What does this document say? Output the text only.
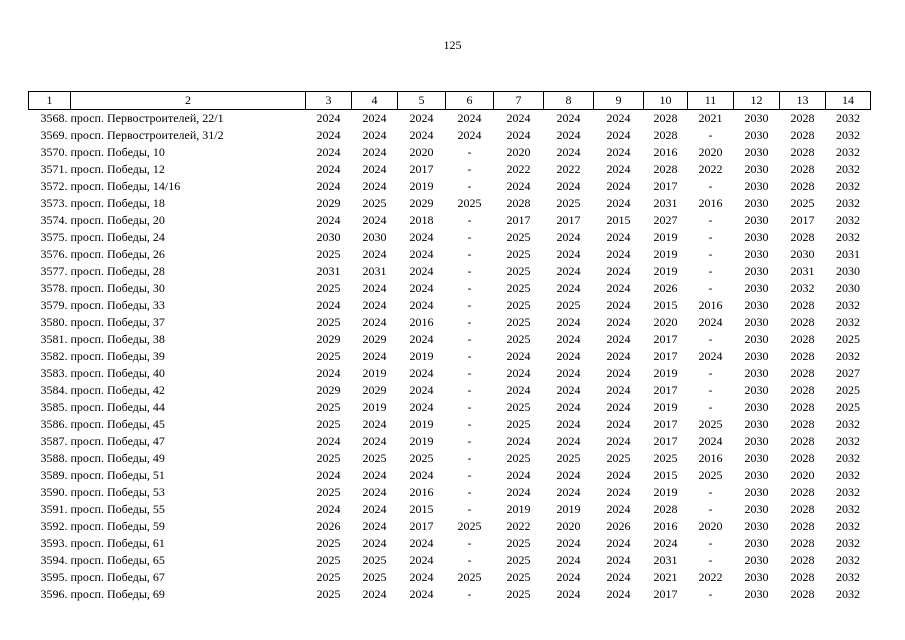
125
1	2	3	4	5	6	7	8	9	10	11	12	13	14
3568.	просп. Первостроителей, 22/1	2024	2024	2024	2024	2024	2024	2024	2028	2021	2030	2028	2032
3569.	просп. Первостроителей, 31/2	2024	2024	2024	2024	2024	2024	2024	2028	-	2030	2028	2032
3570.	просп. Победы, 10	2024	2024	2020	-	2020	2024	2024	2016	2020	2030	2028	2032
3571.	просп. Победы, 12	2024	2024	2017	-	2022	2022	2024	2028	2022	2030	2028	2032
3572.	просп. Победы, 14/16	2024	2024	2019	-	2024	2024	2024	2017	-	2030	2028	2032
3573.	просп. Победы, 18	2029	2025	2029	2025	2028	2025	2024	2031	2016	2030	2025	2032
3574.	просп. Победы, 20	2024	2024	2018	-	2017	2017	2015	2027	-	2030	2017	2032
3575.	просп. Победы, 24	2030	2030	2024	-	2025	2024	2024	2019	-	2030	2028	2032
3576.	просп. Победы, 26	2025	2024	2024	-	2025	2024	2024	2019	-	2030	2030	2031
3577.	просп. Победы, 28	2031	2031	2024	-	2025	2024	2024	2019	-	2030	2031	2030
3578.	просп. Победы, 30	2025	2024	2024	-	2025	2024	2024	2026	-	2030	2032	2030
3579.	просп. Победы, 33	2024	2024	2024	-	2025	2025	2024	2015	2016	2030	2028	2032
3580.	просп. Победы, 37	2025	2024	2016	-	2025	2024	2024	2020	2024	2030	2028	2032
3581.	просп. Победы, 38	2029	2029	2024	-	2025	2024	2024	2017	-	2030	2028	2025
3582.	просп. Победы, 39	2025	2024	2019	-	2024	2024	2024	2017	2024	2030	2028	2032
3583.	просп. Победы, 40	2024	2019	2024	-	2024	2024	2024	2019	-	2030	2028	2027
3584.	просп. Победы, 42	2029	2029	2024	-	2024	2024	2024	2017	-	2030	2028	2025
3585.	просп. Победы, 44	2025	2019	2024	-	2025	2024	2024	2019	-	2030	2028	2025
3586.	просп. Победы, 45	2025	2024	2019	-	2025	2024	2024	2017	2025	2030	2028	2032
3587.	просп. Победы, 47	2024	2024	2019	-	2024	2024	2024	2017	2024	2030	2028	2032
3588.	просп. Победы, 49	2025	2025	2025	-	2025	2025	2025	2025	2016	2030	2028	2032
3589.	просп. Победы, 51	2024	2024	2024	-	2024	2024	2024	2015	2025	2030	2020	2032
3590.	просп. Победы, 53	2025	2024	2016	-	2024	2024	2024	2019	-	2030	2028	2032
3591.	просп. Победы, 55	2024	2024	2015	-	2019	2019	2024	2028	-	2030	2028	2032
3592.	просп. Победы, 59	2026	2024	2017	2025	2022	2020	2026	2016	2020	2030	2028	2032
3593.	просп. Победы, 61	2025	2024	2024	-	2025	2024	2024	2024	-	2030	2028	2032
3594.	просп. Победы, 65	2025	2025	2024	-	2025	2024	2024	2031	-	2030	2028	2032
3595.	просп. Победы, 67	2025	2025	2024	2025	2025	2024	2024	2021	2022	2030	2028	2032
3596.	просп. Победы, 69	2025	2024	2024	-	2025	2024	2024	2017	-	2030	2028	2032
